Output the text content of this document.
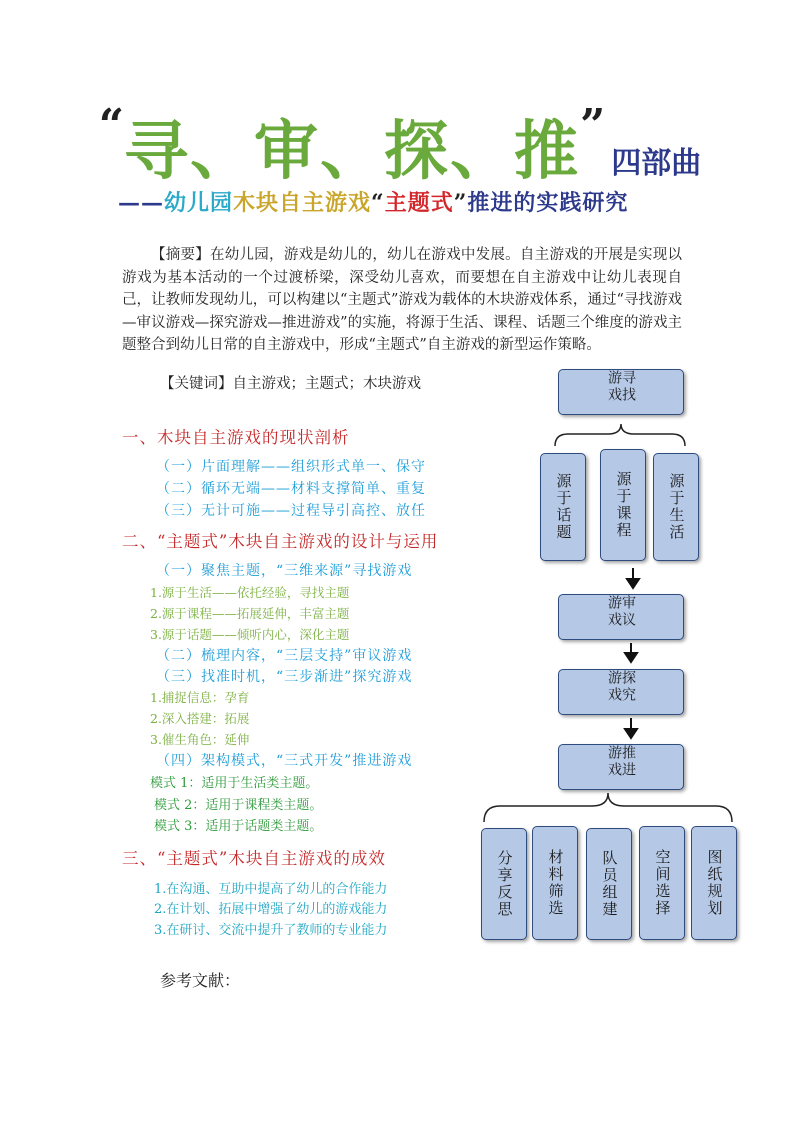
“寻、审、探、推”四部曲
——幼儿园木块自主游戏“主题式”推进的实践研究
【摘要】在幼儿园，游戏是幼儿的，幼儿在游戏中发展。自主游戏的开展是实现以游戏为基本活动的一个过渡桥梁，深受幼儿喜欢，而要想在自主游戏中让幼儿表现自己，让教师发现幼儿，可以构建以“主题式”游戏为载体的木块游戏体系，通过“寻找游戏—审议游戏—探究游戏—推进游戏”的实施，将源于生活、课程、话题三个维度的游戏主题整合到幼儿日常的自主游戏中，形成“主题式”自主游戏的新型运作策略。
【关键词】自主游戏；主题式；木块游戏
一、木块自主游戏的现状剖析
（一）片面理解——组织形式单一、保守
（二）循环无端——材料支撑简单、重复
（三）无计可施——过程导引高控、放任
二、“主题式”木块自主游戏的设计与运用
（一）聚焦主题，“三维来源”寻找游戏
1.源于生活——依托经验，寻找主题
2.源于课程——拓展延伸，丰富主题
3.源于话题——倾听内心，深化主题
（二）梳理内容，“三层支持”审议游戏
（三）找准时机，“三步渐进”探究游戏
1.捕捉信息：孕育
2.深入搭建：拓展
3.催生角色：延伸
（四）架构模式，“三式开发”推进游戏
模式 1：适用于生活类主题。
模式 2：适用于课程类主题。
模式 3：适用于话题类主题。
三、“主题式”木块自主游戏的成效
1.在沟通、互助中提高了幼儿的合作能力
2.在计划、拓展中增强了幼儿的游戏能力
3.在研讨、交流中提升了教师的专业能力
参考文献：
寻找游戏
源于话题	源于课程 源于生活
审议游戏
探究游戏
推进游戏
分享反思 材料筛选 队员组建 空间选择 图纸规划
